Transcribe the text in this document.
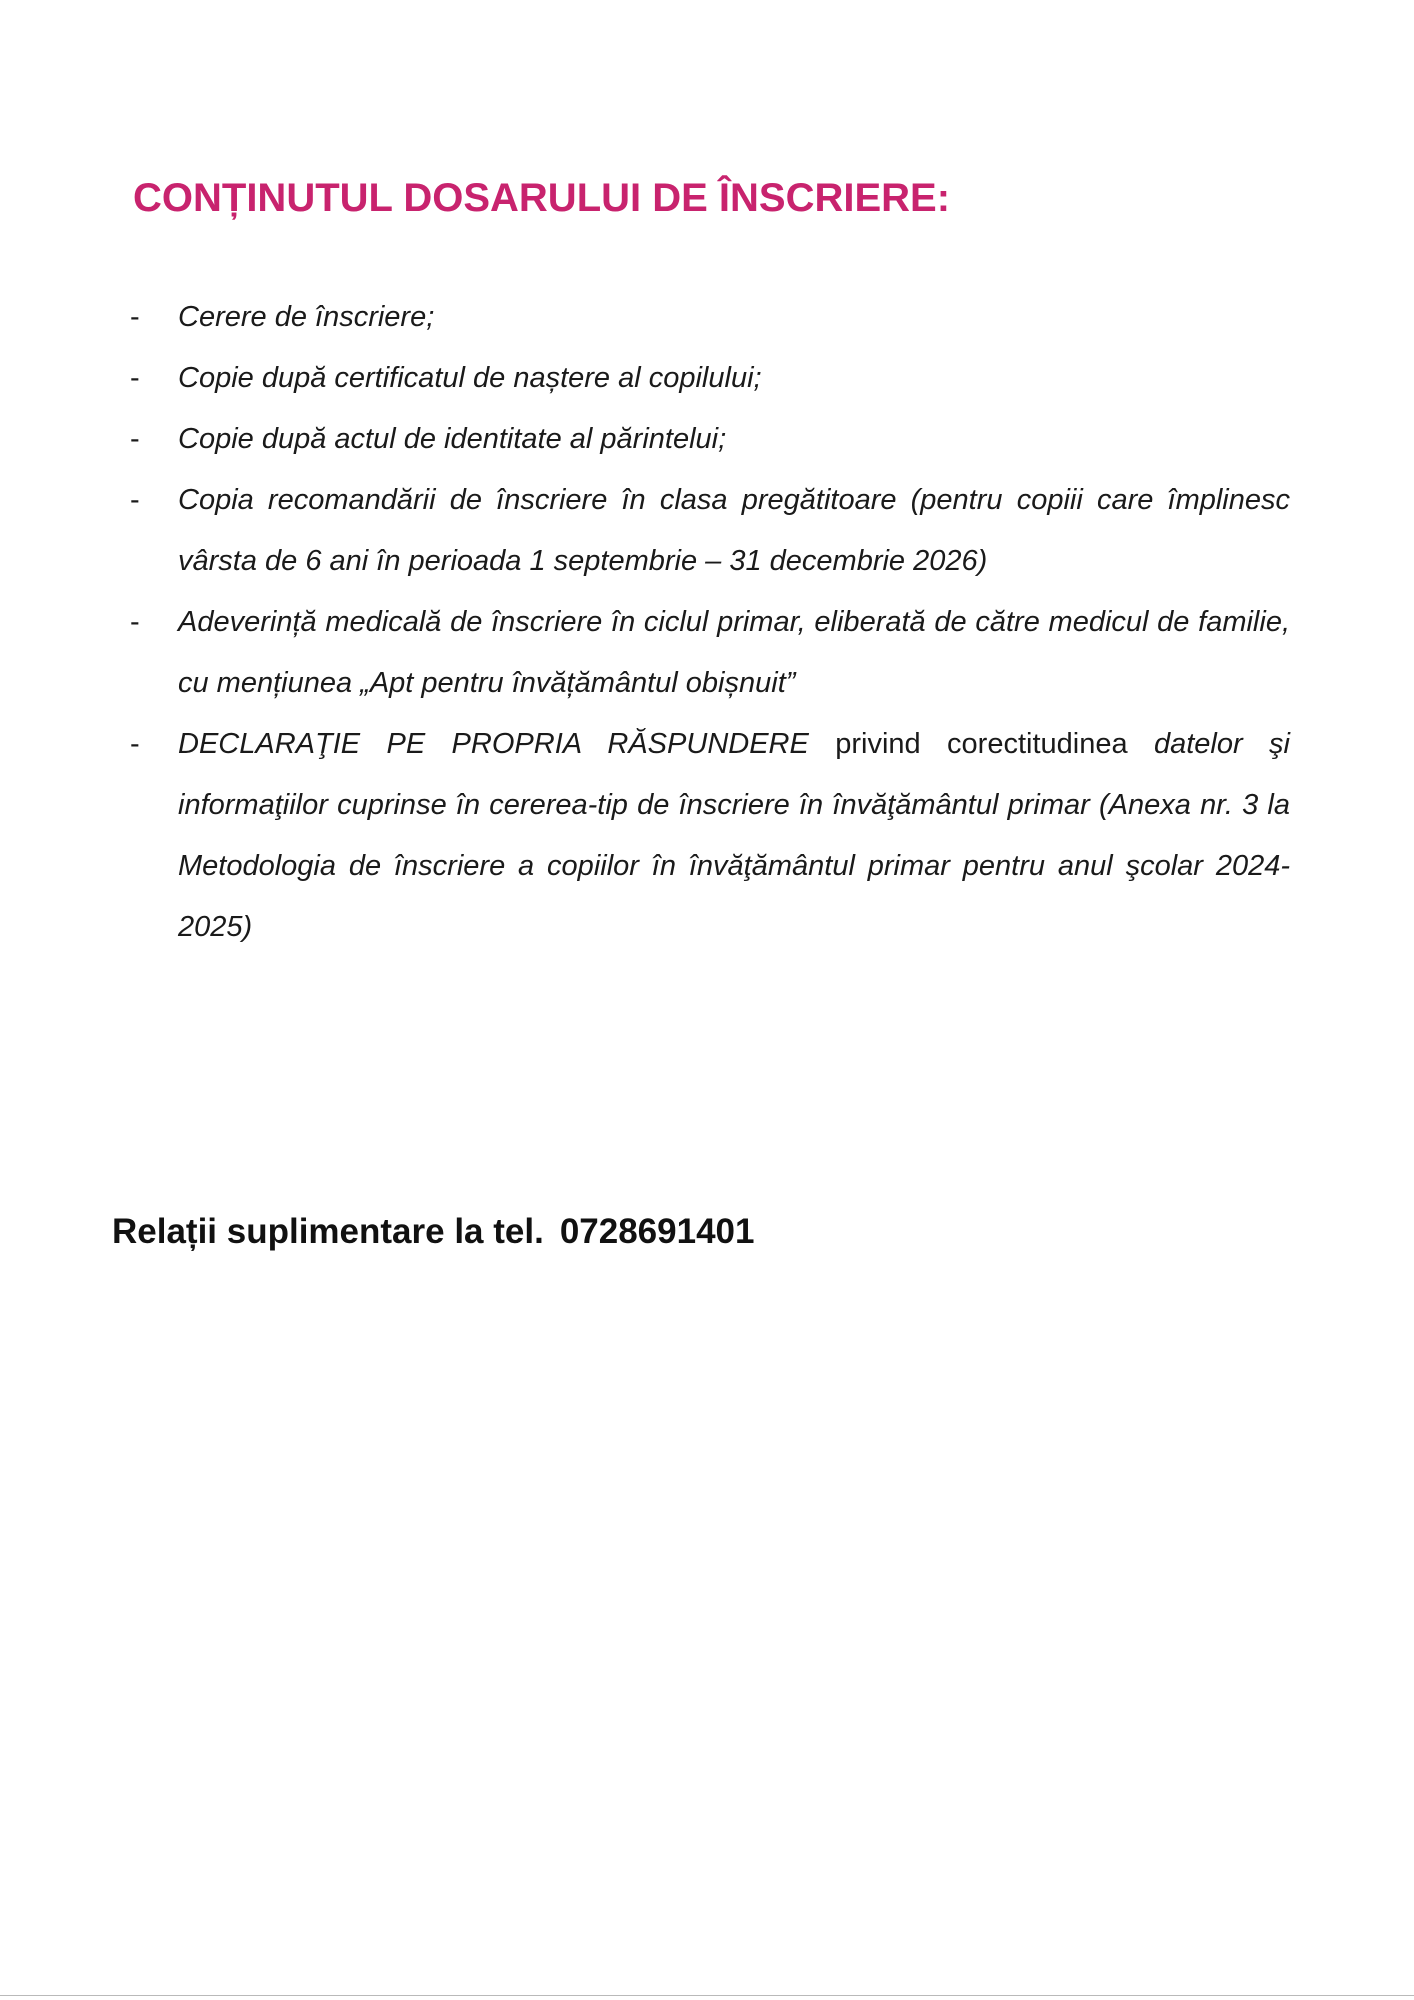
CONȚINUTUL DOSARULUI DE ÎNSCRIERE:
- Cerere de înscriere;
- Copie după certificatul de naștere al copilului;
- Copie după actul de identitate al părintelui;
- Copia recomandării de înscriere în clasa pregătitoare (pentru copiii care împlinesc vârsta de 6 ani în perioada 1 septembrie – 31 decembrie 2026)
- Adeverință medicală de înscriere în ciclul primar, eliberată de către medicul de familie, cu mențiunea „Apt pentru învățământul obișnuit”
- DECLARAŢIE PE PROPRIA RĂSPUNDERE privind corectitudinea datelor şi informaţiilor cuprinse în cererea-tip de înscriere în învăţământul primar (Anexa nr. 3 la Metodologia de înscriere a copiilor în învăţământul primar pentru anul şcolar 2024-2025)

Relații suplimentare la tel. 0728691401
